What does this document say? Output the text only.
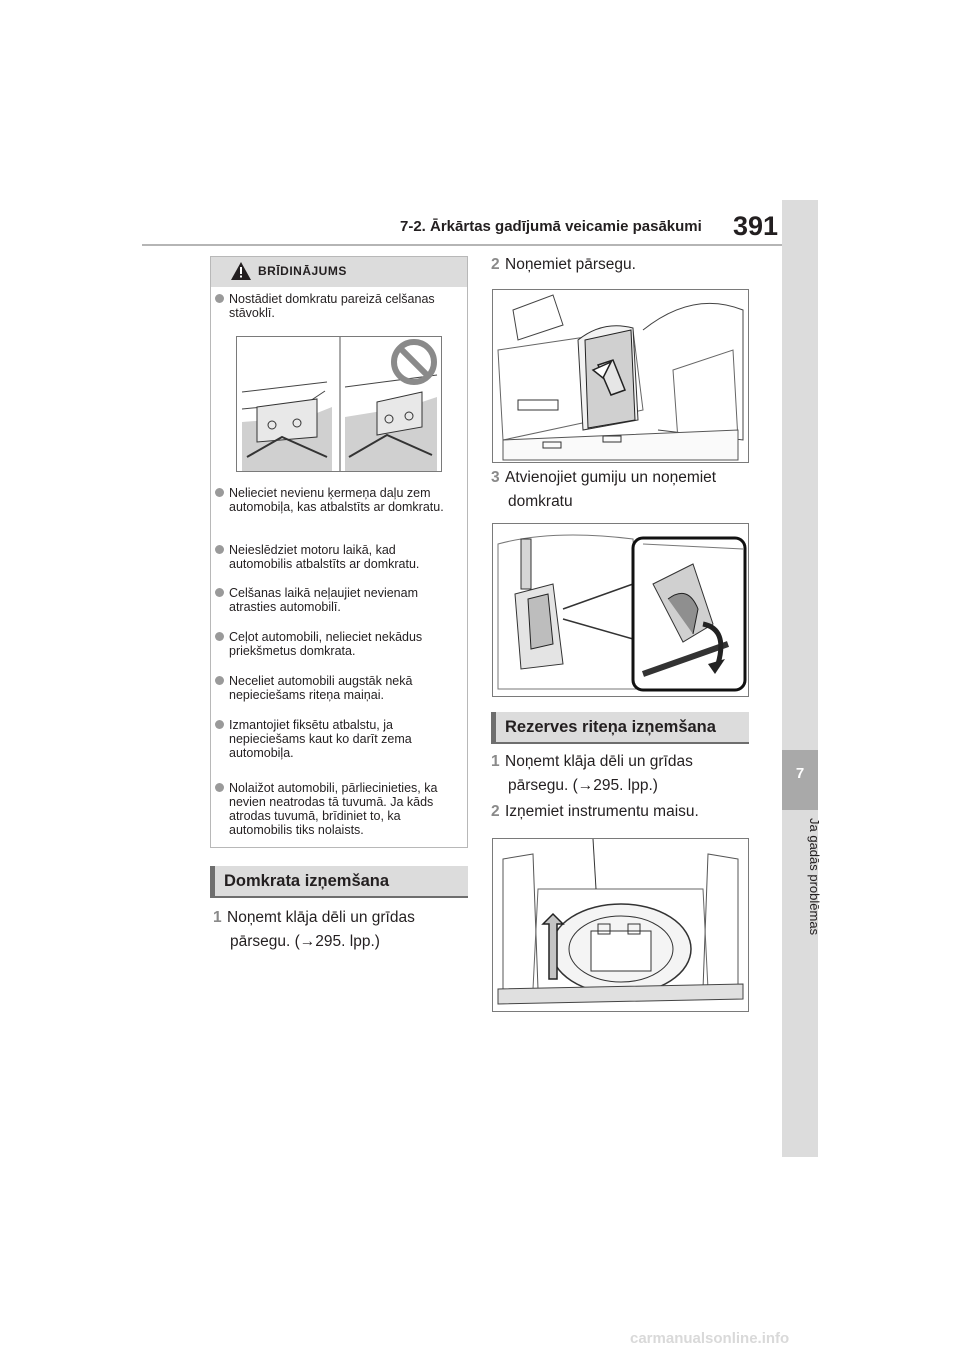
7-2. Ārkārtas gadījumā veicamie pasākumi 391
7
Ja gadās problēmas
BRĪDINĀJUMS
Nostādiet domkratu pareizā celšanas stāvoklī.
Nelieciet nevienu ķermeņa daļu zem automobiļa, kas atbalstīts ar domkratu.
Neieslēdziet motoru laikā, kad automobilis atbalstīts ar domkratu.
Celšanas laikā neļaujiet nevienam atrasties automobilī.
Ceļot automobili, nelieciet nekādus priekšmetus domkrata.
Neceliet automobili augstāk nekā nepieciešams riteņa maiņai.
Izmantojiet fiksētu atbalstu, ja nepieciešams kaut ko darīt zema automobiļa.
Nolaižot automobili, pārliecinieties, ka nevien neatrodas tā tuvumā. Ja kāds atrodas tuvumā, brīdiniet to, ka automobilis tiks nolaists.
Domkrata izņemšana
1 Noņemt klāja dēli un grīdas
pārsegu. (→295. lpp.)
2 Noņemiet pārsegu.
3 Atvienojiet gumiju un noņemiet
domkratu
Rezerves riteņa izņemšana
1 Noņemt klāja dēli un grīdas
pārsegu. (→295. lpp.)
2 Izņemiet instrumentu maisu.
carmanualsonline.info
